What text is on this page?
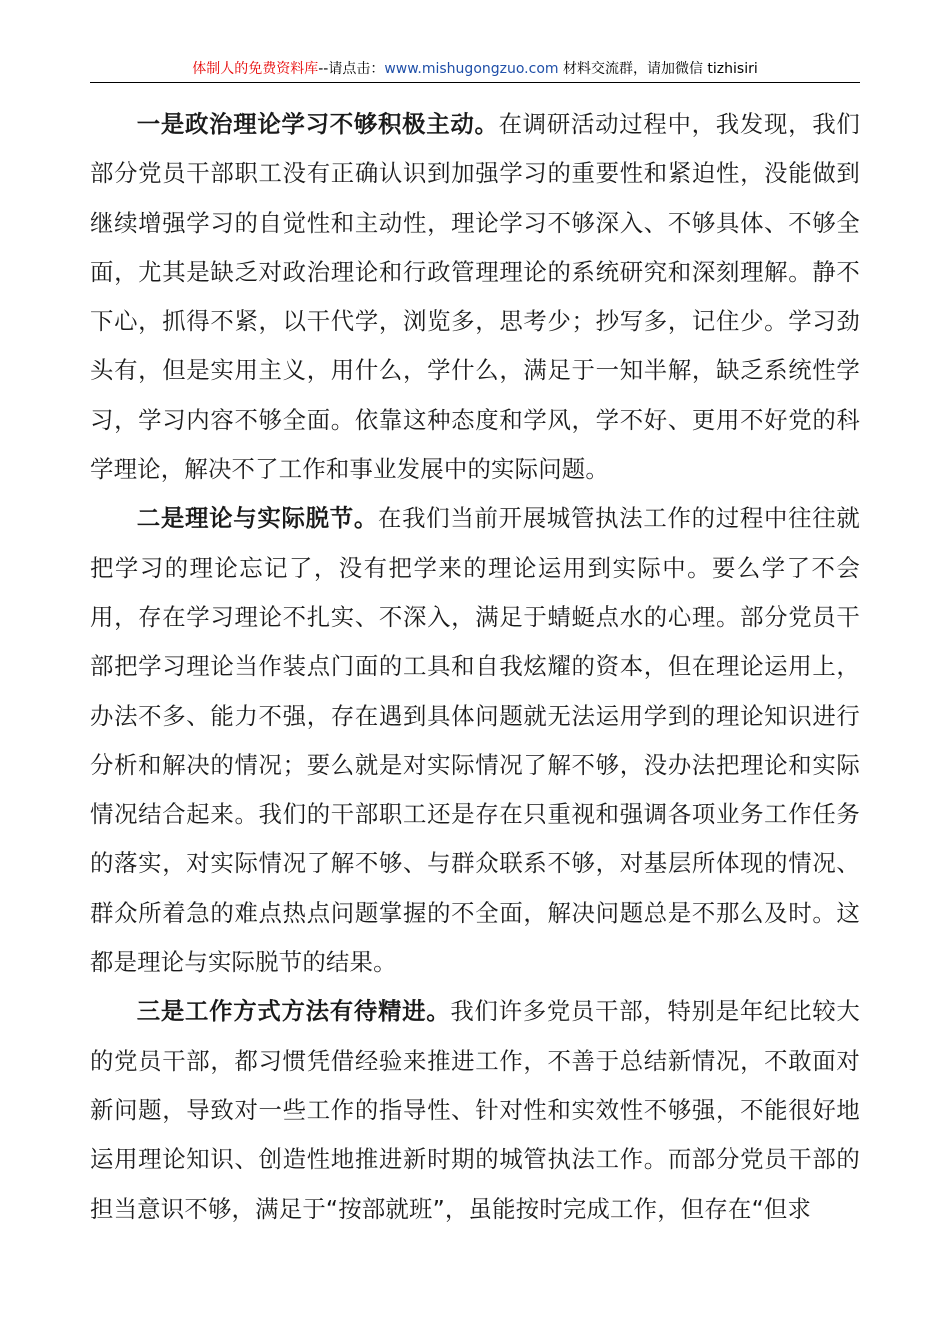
体制人的免费资料库--请点击：www.mishugongzuo.com 材料交流群，请加微信 tizhisiri

一是政治理论学习不够积极主动。在调研活动过程中，我发现，我们部分党员干部职工没有正确认识到加强学习的重要性和紧迫性，没能做到继续增强学习的自觉性和主动性，理论学习不够深入、不够具体、不够全面，尤其是缺乏对政治理论和行政管理理论的系统研究和深刻理解。静不下心，抓得不紧，以干代学，浏览多，思考少；抄写多，记住少。学习劲头有，但是实用主义，用什么，学什么，满足于一知半解，缺乏系统性学习，学习内容不够全面。依靠这种态度和学风，学不好、更用不好党的科学理论，解决不了工作和事业发展中的实际问题。

二是理论与实际脱节。在我们当前开展城管执法工作的过程中往往就把学习的理论忘记了，没有把学来的理论运用到实际中。要么学了不会用，存在学习理论不扎实、不深入，满足于蜻蜓点水的心理。部分党员干部把学习理论当作装点门面的工具和自我炫耀的资本，但在理论运用上，办法不多、能力不强，存在遇到具体问题就无法运用学到的理论知识进行分析和解决的情况；要么就是对实际情况了解不够，没办法把理论和实际情况结合起来。我们的干部职工还是存在只重视和强调各项业务工作任务的落实，对实际情况了解不够、与群众联系不够，对基层所体现的情况、群众所着急的难点热点问题掌握的不全面，解决问题总是不那么及时。这都是理论与实际脱节的结果。

三是工作方式方法有待精进。我们许多党员干部，特别是年纪比较大的党员干部，都习惯凭借经验来推进工作，不善于总结新情况，不敢面对新问题，导致对一些工作的指导性、针对性和实效性不够强，不能很好地运用理论知识、创造性地推进新时期的城管执法工作。而部分党员干部的担当意识不够，满足于“按部就班”，虽能按时完成工作，但存在“但求
